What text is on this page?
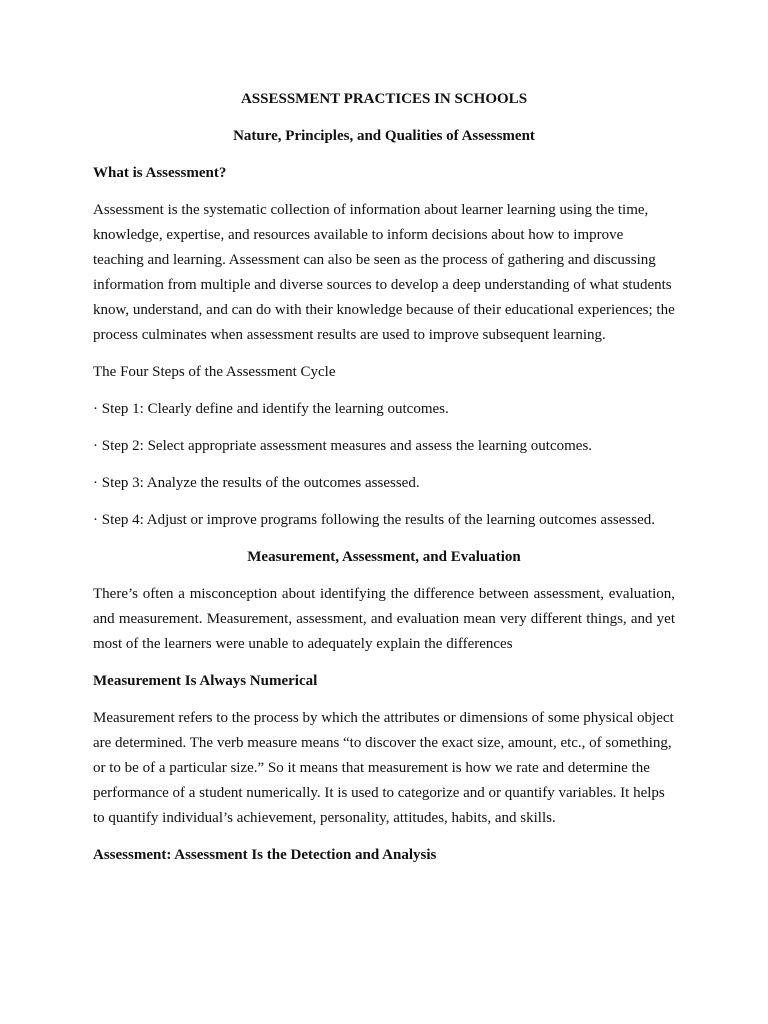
ASSESSMENT PRACTICES IN SCHOOLS

Nature, Principles, and Qualities of Assessment

What is Assessment?

Assessment is the systematic collection of information about learner learning using the time, knowledge, expertise, and resources available to inform decisions about how to improve teaching and learning. Assessment can also be seen as the process of gathering and discussing information from multiple and diverse sources to develop a deep understanding of what students know, understand, and can do with their knowledge because of their educational experiences; the process culminates when assessment results are used to improve subsequent learning.

The Four Steps of the Assessment Cycle

· Step 1: Clearly define and identify the learning outcomes.

· Step 2: Select appropriate assessment measures and assess the learning outcomes.

· Step 3: Analyze the results of the outcomes assessed.

· Step 4: Adjust or improve programs following the results of the learning outcomes assessed.

Measurement, Assessment, and Evaluation

There’s often a misconception about identifying the difference between assessment, evaluation, and measurement. Measurement, assessment, and evaluation mean very different things, and yet most of the learners were unable to adequately explain the differences

Measurement Is Always Numerical

Measurement refers to the process by which the attributes or dimensions of some physical object are determined. The verb measure means “to discover the exact size, amount, etc., of something, or to be of a particular size.” So it means that measurement is how we rate and determine the performance of a student numerically. It is used to categorize and or quantify variables. It helps to quantify individual’s achievement, personality, attitudes, habits, and skills.

Assessment: Assessment Is the Detection and Analysis
